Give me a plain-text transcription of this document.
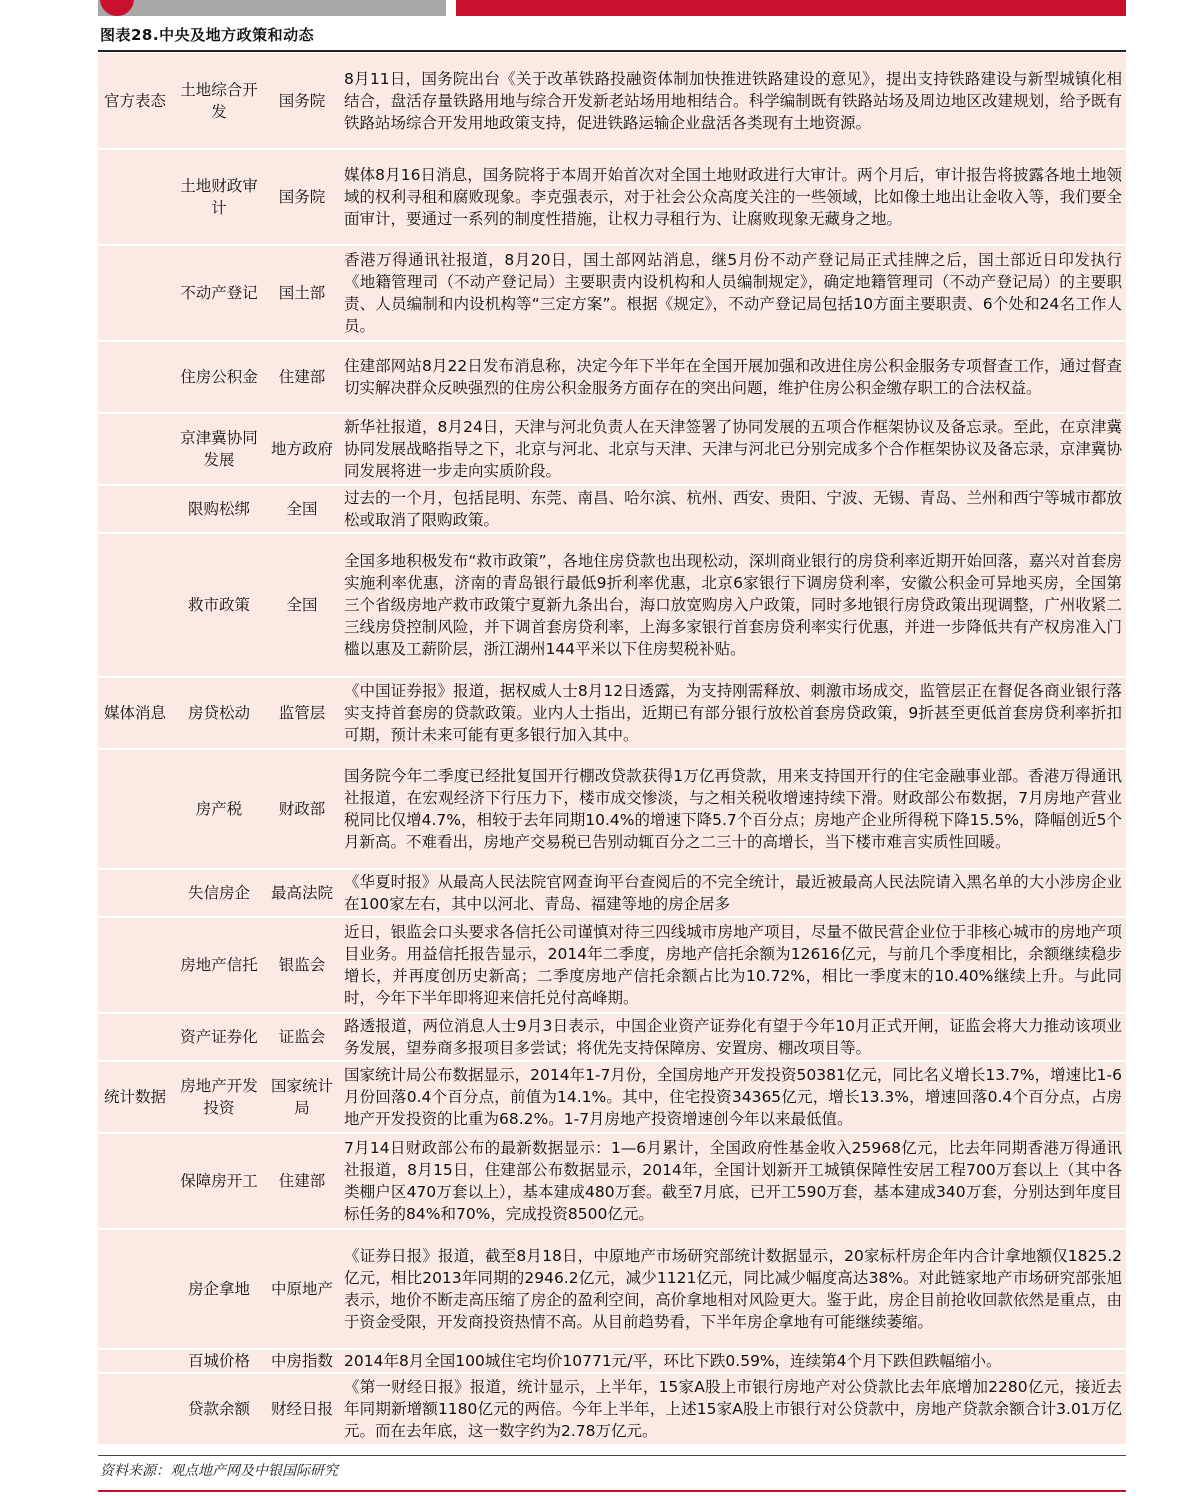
图表28.中央及地方政策和动态
官方表态	土地综合开发	国务院	8月11日，国务院出台《关于改革铁路投融资体制加快推进铁路建设的意见》，提出支持铁路建设与新型城镇化相结合，盘活存量铁路用地与综合开发新老站场用地相结合。科学编制既有铁路站场及周边地区改建规划，给予既有铁路站场综合开发用地政策支持，促进铁路运输企业盘活各类现有土地资源。
	土地财政审计	国务院	媒体8月16日消息，国务院将于本周开始首次对全国土地财政进行大审计。两个月后，审计报告将披露各地土地领域的权利寻租和腐败现象。李克强表示，对于社会公众高度关注的一些领域，比如像土地出让金收入等，我们要全面审计，要通过一系列的制度性措施，让权力寻租行为、让腐败现象无藏身之地。
	不动产登记	国土部	香港万得通讯社报道，8月20日，国土部网站消息，继5月份不动产登记局正式挂牌之后，国土部近日印发执行《地籍管理司（不动产登记局）主要职责内设机构和人员编制规定》，确定地籍管理司（不动产登记局）的主要职责、人员编制和内设机构等“三定方案”。根据《规定》，不动产登记局包括10方面主要职责、6个处和24名工作人员。
	住房公积金	住建部	住建部网站8月22日发布消息称，决定今年下半年在全国开展加强和改进住房公积金服务专项督查工作，通过督查切实解决群众反映强烈的住房公积金服务方面存在的突出问题，维护住房公积金缴存职工的合法权益。
	京津冀协同发展	地方政府	新华社报道，8月24日，天津与河北负责人在天津签署了协同发展的五项合作框架协议及备忘录。至此，在京津冀协同发展战略指导之下，北京与河北、北京与天津、天津与河北已分别完成多个合作框架协议及备忘录，京津冀协同发展将进一步走向实质阶段。
	限购松绑	全国	过去的一个月，包括昆明、东莞、南昌、哈尔滨、杭州、西安、贵阳、宁波、无锡、青岛、兰州和西宁等城市都放松或取消了限购政策。
	救市政策	全国	全国多地积极发布“救市政策”，各地住房贷款也出现松动，深圳商业银行的房贷利率近期开始回落，嘉兴对首套房实施利率优惠，济南的青岛银行最低9折利率优惠，北京6家银行下调房贷利率，安徽公积金可异地买房，全国第三个省级房地产救市政策宁夏新九条出台，海口放宽购房入户政策，同时多地银行房贷政策出现调整，广州收紧二三线房贷控制风险，并下调首套房贷利率，上海多家银行首套房贷利率实行优惠，并进一步降低共有产权房准入门槛以惠及工薪阶层，浙江湖州144平米以下住房契税补贴。
媒体消息	房贷松动	监管层	《中国证券报》报道，据权威人士8月12日透露，为支持刚需释放、刺激市场成交，监管层正在督促各商业银行落实支持首套房的贷款政策。业内人士指出，近期已有部分银行放松首套房贷政策，9折甚至更低首套房贷利率折扣可期，预计未来可能有更多银行加入其中。
	房产税	财政部	国务院今年二季度已经批复国开行棚改贷款获得1万亿再贷款，用来支持国开行的住宅金融事业部。香港万得通讯社报道，在宏观经济下行压力下，楼市成交惨淡，与之相关税收增速持续下滑。财政部公布数据，7月房地产营业税同比仅增4.7%，相较于去年同期10.4%的增速下降5.7个百分点；房地产企业所得税下降15.5%，降幅创近5个月新高。不难看出，房地产交易税已告别动辄百分之二三十的高增长，当下楼市难言实质性回暖。
	失信房企	最高法院	《华夏时报》从最高人民法院官网查询平台查阅后的不完全统计，最近被最高人民法院请入黑名单的大小涉房企业在100家左右，其中以河北、青岛、福建等地的房企居多
	房地产信托	银监会	近日，银监会口头要求各信托公司谨慎对待三四线城市房地产项目，尽量不做民营企业位于非核心城市的房地产项目业务。用益信托报告显示，2014年二季度，房地产信托余额为12616亿元，与前几个季度相比，余额继续稳步增长，并再度创历史新高；二季度房地产信托余额占比为10.72%，相比一季度末的10.40%继续上升。与此同时，今年下半年即将迎来信托兑付高峰期。
	资产证券化	证监会	路透报道，两位消息人士9月3日表示，中国企业资产证券化有望于今年10月正式开闸，证监会将大力推动该项业务发展，望券商多报项目多尝试；将优先支持保障房、安置房、棚改项目等。
统计数据	房地产开发投资	国家统计局	国家统计局公布数据显示，2014年1-7月份，全国房地产开发投资50381亿元，同比名义增长13.7%，增速比1-6月份回落0.4个百分点，前值为14.1%。其中，住宅投资34365亿元，增长13.3%，增速回落0.4个百分点，占房地产开发投资的比重为68.2%。1-7月房地产投资增速创今年以来最低值。
	保障房开工	住建部	7月14日财政部公布的最新数据显示：1—6月累计，全国政府性基金收入25968亿元，比去年同期香港万得通讯社报道，8月15日，住建部公布数据显示，2014年，全国计划新开工城镇保障性安居工程700万套以上（其中各类棚户区470万套以上），基本建成480万套。截至7月底，已开工590万套，基本建成340万套，分别达到年度目标任务的84%和70%，完成投资8500亿元。
	房企拿地	中原地产	《证券日报》报道，截至8月18日，中原地产市场研究部统计数据显示，20家标杆房企年内合计拿地额仅1825.2亿元，相比2013年同期的2946.2亿元，减少1121亿元，同比减少幅度高达38%。对此链家地产市场研究部张旭表示，地价不断走高压缩了房企的盈利空间，高价拿地相对风险更大。鉴于此，房企目前抢收回款依然是重点，由于资金受限，开发商投资热情不高。从目前趋势看，下半年房企拿地有可能继续萎缩。
	百城价格	中房指数	2014年8月全国100城住宅均价10771元/平，环比下跌0.59%，连续第4个月下跌但跌幅缩小。
	贷款余额	财经日报	《第一财经日报》报道，统计显示，上半年，15家A股上市银行房地产对公贷款比去年底增加2280亿元，接近去年同期新增额1180亿元的两倍。今年上半年，上述15家A股上市银行对公贷款中，房地产贷款余额合计3.01万亿元。而在去年底，这一数字约为2.78万亿元。
资料来源：观点地产网及中银国际研究
